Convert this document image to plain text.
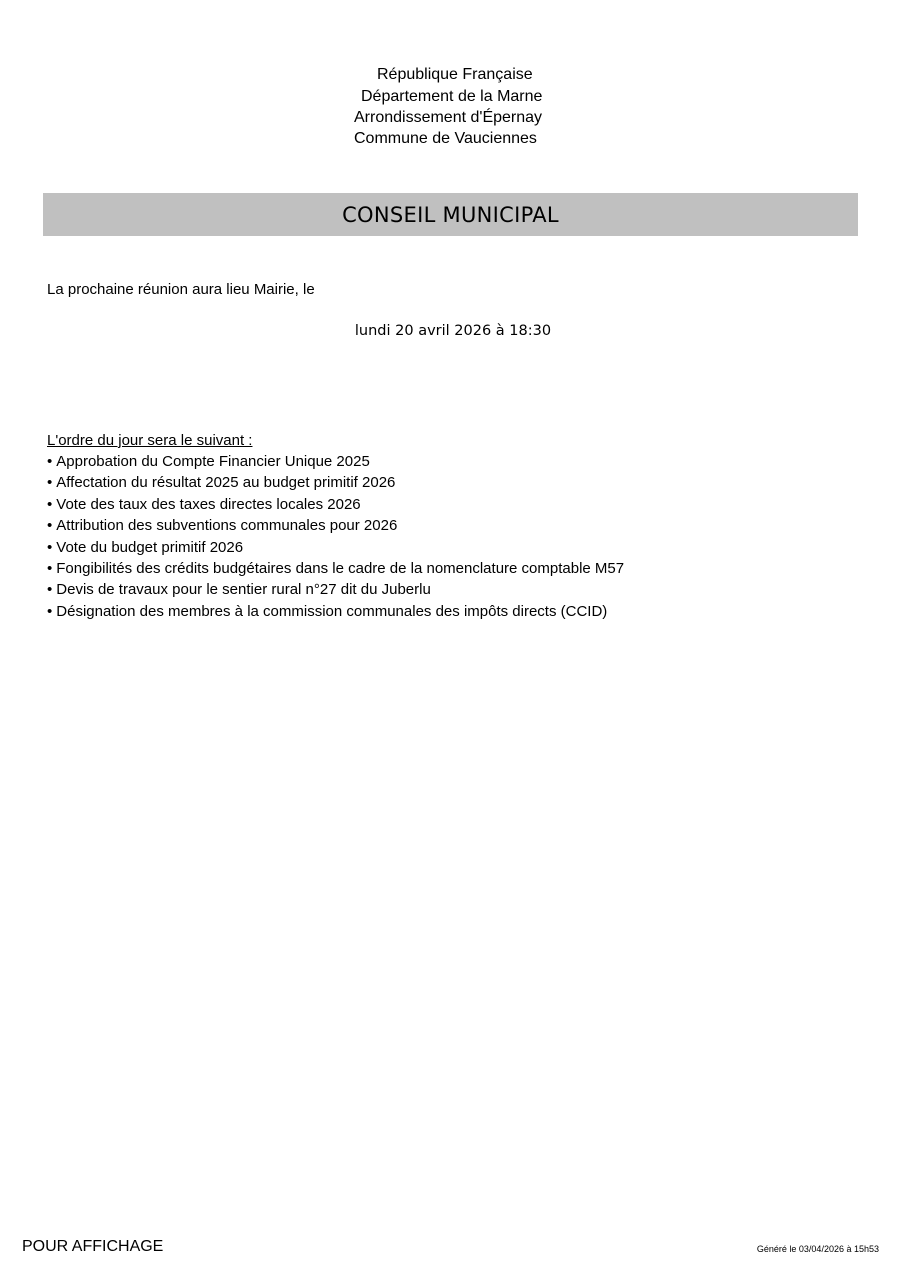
République Française
Département de la Marne
Arrondissement d'Épernay
Commune de Vauciennes
CONSEIL MUNICIPAL
La prochaine réunion aura lieu Mairie, le
lundi 20 avril 2026 à 18:30

L'ordre du jour sera le suivant :

• Approbation du Compte Financier Unique 2025
• Affectation du résultat 2025 au budget primitif 2026
• Vote des taux des taxes directes locales 2026
• Attribution des subventions communales pour 2026
• Vote du budget primitif 2026
• Fongibilités des crédits budgétaires dans le cadre de la nomenclature comptable M57
• Devis de travaux pour le sentier rural n°27 dit du Juberlu
• Désignation des membres à la commission communales des impôts directs (CCID)
POUR AFFICHAGE	Généré le 03/04/2026 à 15h53
